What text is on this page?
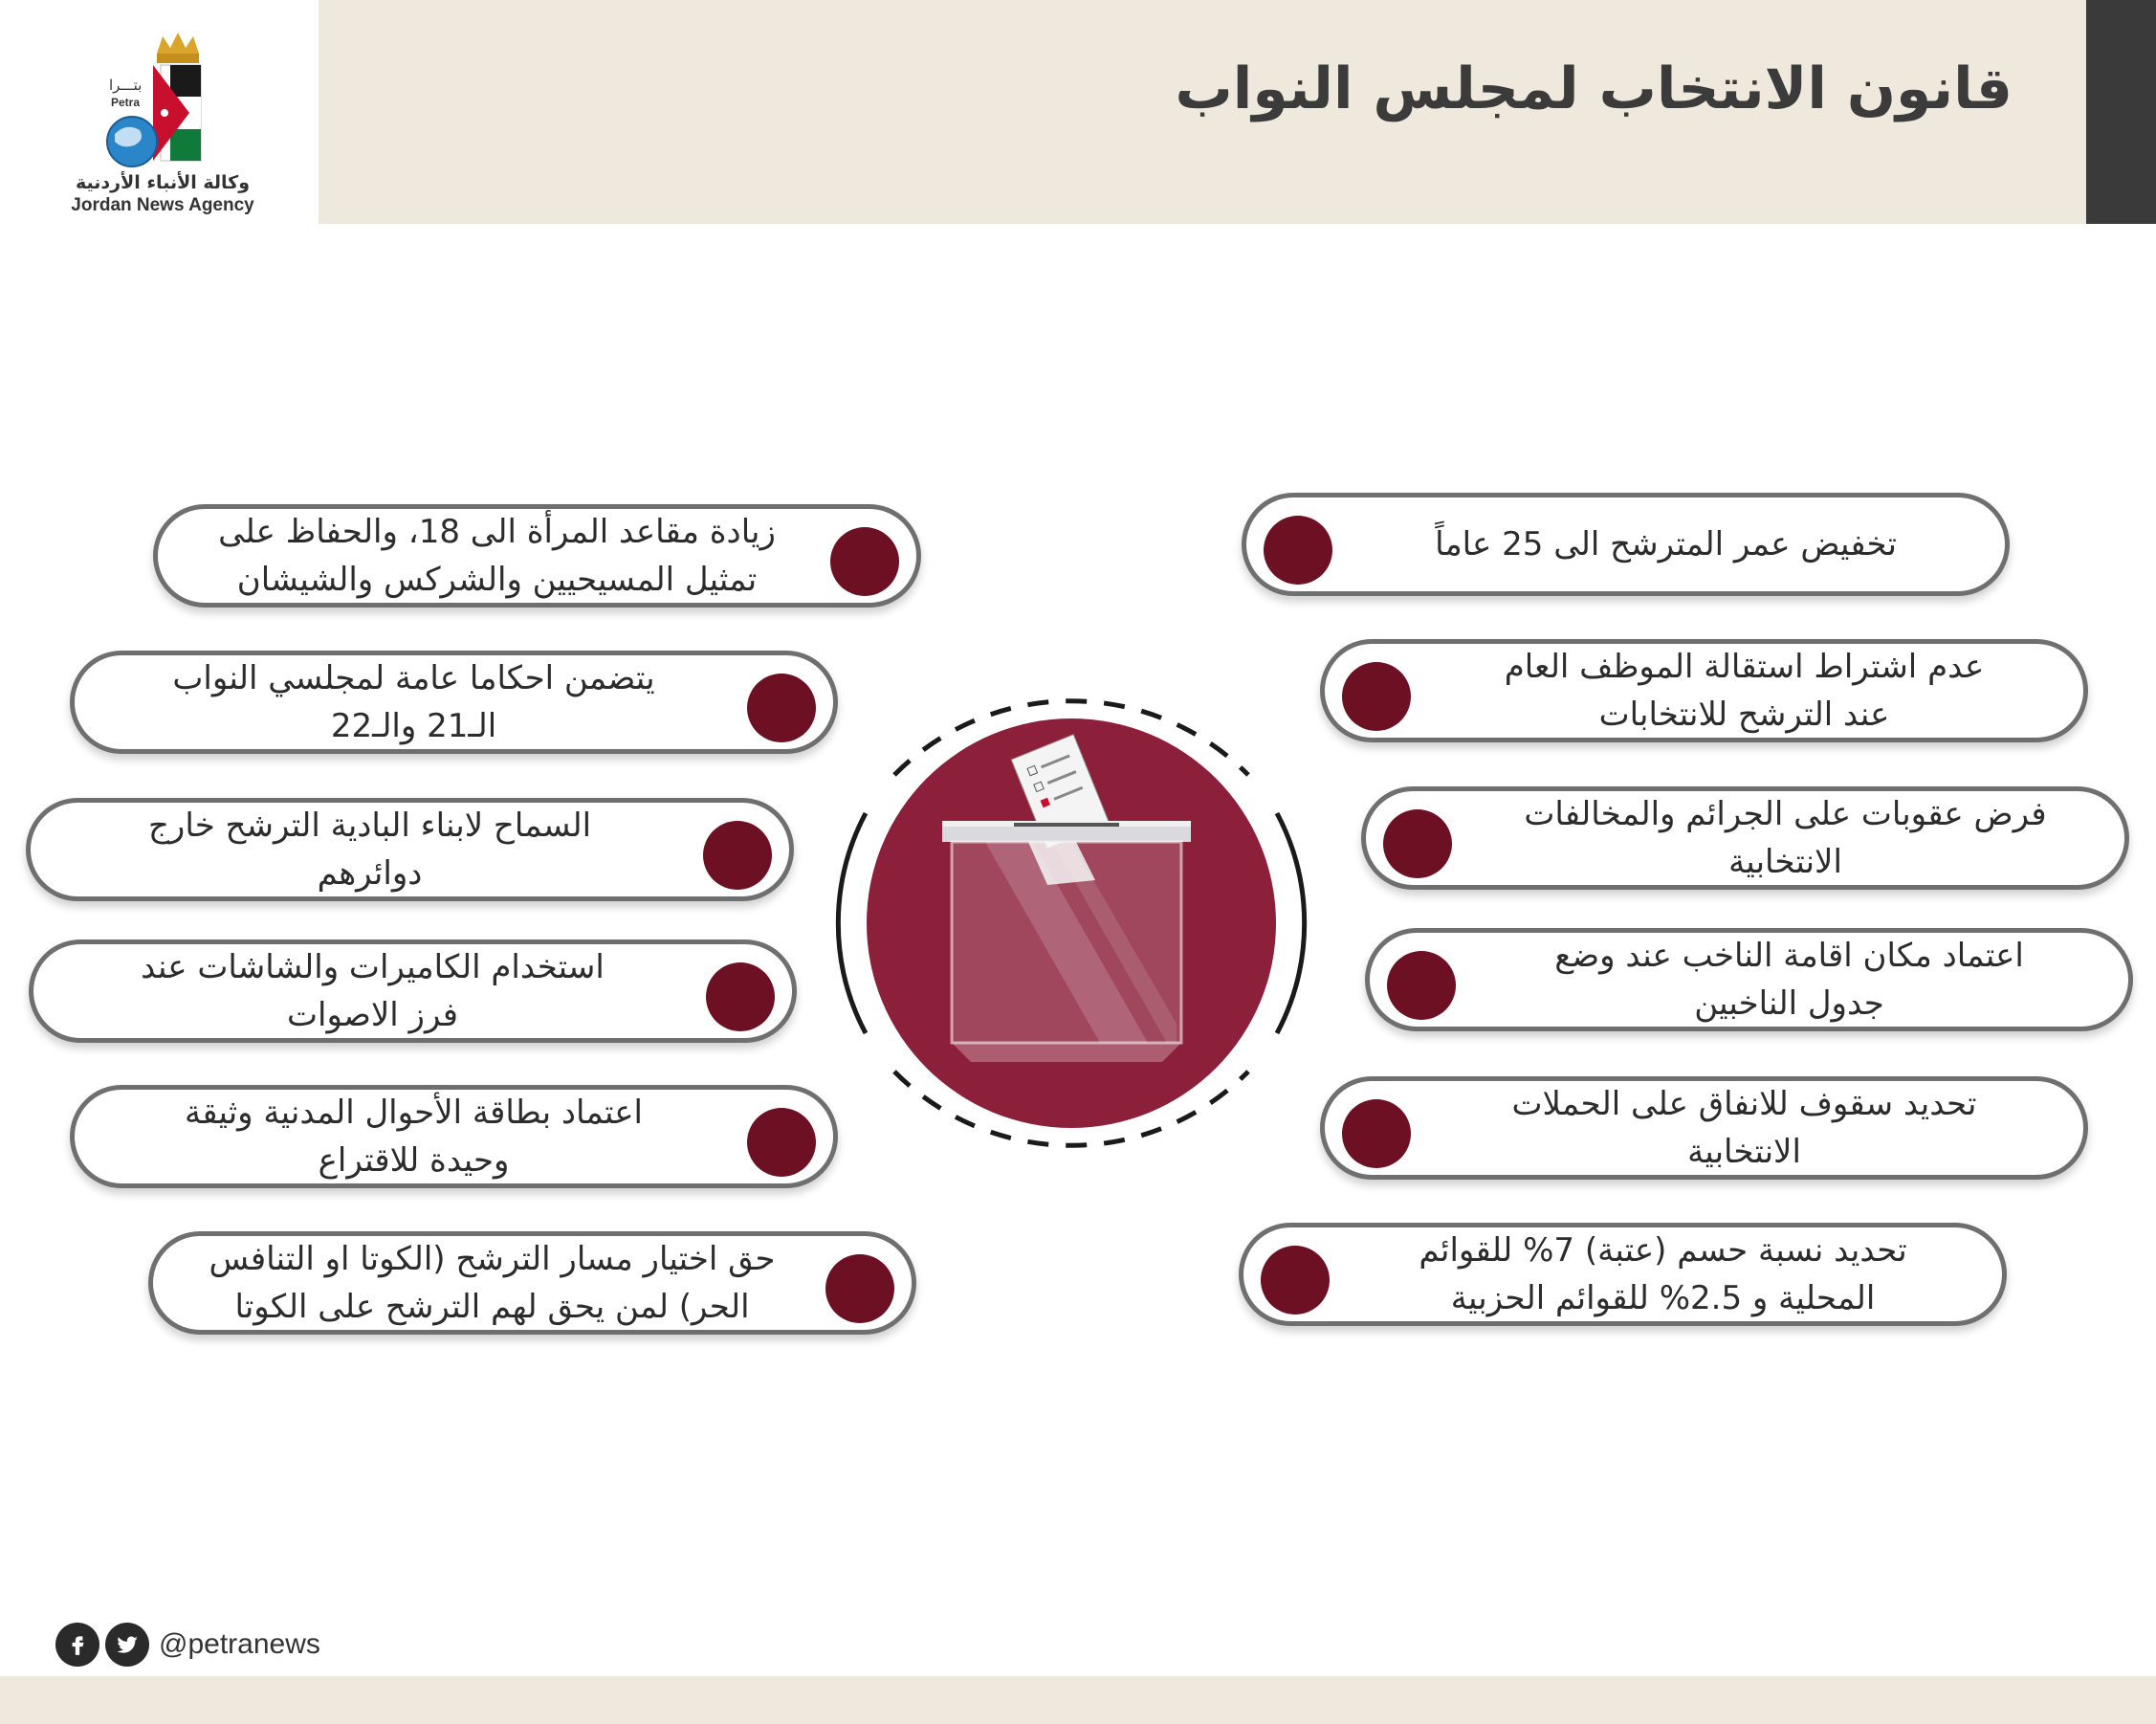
قانون الانتخاب لمجلس النواب
بتـــرا
Petra
وكالة الأنباء الأردنية
Jordan News Agency
تخفيض عمر المترشح الى 25 عاماً
عدم اشتراط استقالة الموظف العام
عند الترشح للانتخابات
فرض عقوبات على الجرائم والمخالفات
الانتخابية
اعتماد مكان اقامة الناخب عند وضع
جدول الناخبين
تحديد سقوف للانفاق على الحملات
الانتخابية
تحديد نسبة حسم (عتبة) 7% للقوائم
المحلية و 2.5% للقوائم الحزبية
زيادة مقاعد المرأة الى 18، والحفاظ على
تمثيل المسيحيين والشركس والشيشان
يتضمن احكاما عامة لمجلسي النواب
الـ21 والـ22
السماح لابناء البادية الترشح خارج
دوائرهم
استخدام الكاميرات والشاشات عند
فرز الاصوات
اعتماد بطاقة الأحوال المدنية وثيقة
وحيدة للاقتراع
حق اختيار مسار الترشح (الكوتا او التنافس
الحر) لمن يحق لهم الترشح على الكوتا
@petranews
